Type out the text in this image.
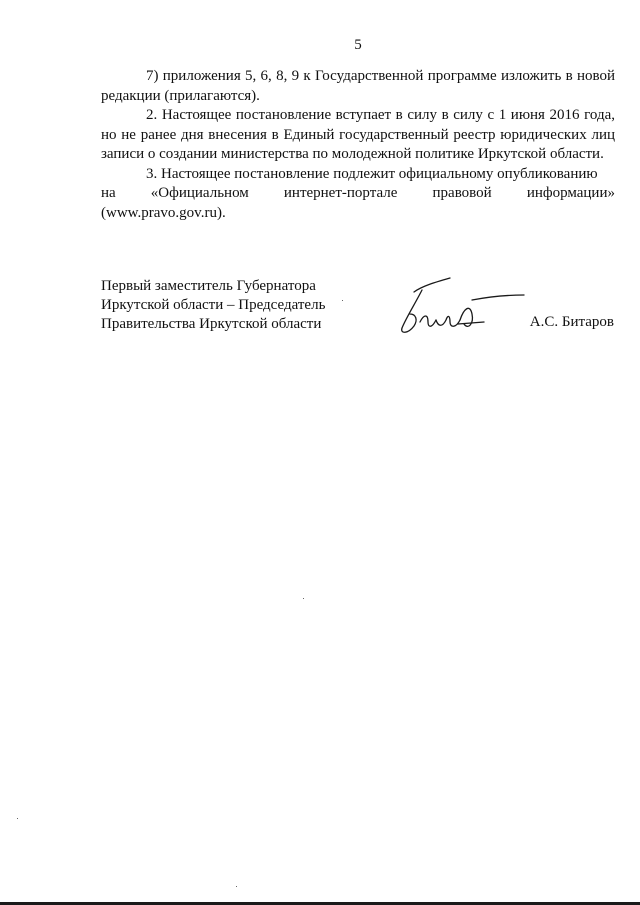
5

7) приложения 5, 6, 8, 9 к Государственной программе изложить в новой редакции (прилагаются).

2. Настоящее постановление вступает в силу в силу с 1 июня 2016 года, но не ранее дня внесения в Единый государственный реестр юридических лиц записи о создании министерства по молодежной политике Иркутской области.

3. Настоящее постановление подлежит официальному опубликованию

на «Официальном интернет-портале правовой информации»

(www.pravo.gov.ru).

Первый заместитель Губернатора
Иркутской области – Председатель
Правительства Иркутской области	А.С. Битаров
